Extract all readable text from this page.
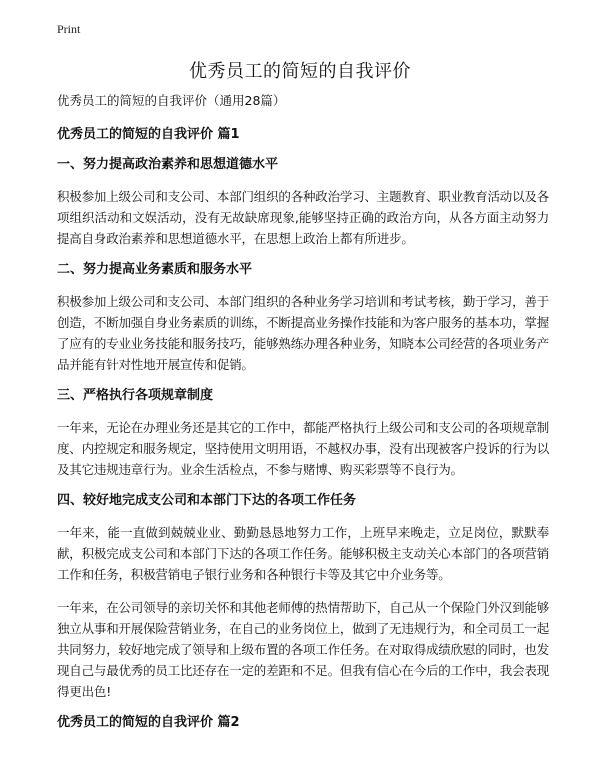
Print
优秀员工的简短的自我评价
优秀员工的简短的自我评价（通用28篇）
优秀员工的简短的自我评价 篇1
一、努力提高政治素养和思想道德水平

积极参加上级公司和支公司、本部门组织的各种政治学习、主题教育、职业教育活动以及各项组织活动和文娱活动，没有无故缺席现象,能够坚持正确的政治方向，从各方面主动努力提高自身政治素养和思想道德水平，在思想上政治上都有所进步。

二、努力提高业务素质和服务水平

积极参加上级公司和支公司、本部门组织的各种业务学习培训和考试考核，勤于学习，善于创造，不断加强自身业务素质的训练，不断提高业务操作技能和为客户服务的基本功，掌握了应有的专业业务技能和服务技巧，能够熟练办理各种业务，知晓本公司经营的各项业务产品并能有针对性地开展宣传和促销。

三、严格执行各项规章制度

一年来，无论在办理业务还是其它的工作中，都能严格执行上级公司和支公司的各项规章制度、内控规定和服务规定，坚持使用文明用语，不越权办事，没有出现被客户投诉的行为以及其它违规违章行为。业余生活检点，不参与赌博、购买彩票等不良行为。

四、较好地完成支公司和本部门下达的各项工作任务

一年来，能一直做到兢兢业业、勤勤恳恳地努力工作，上班早来晚走，立足岗位，默默奉献，积极完成支公司和本部门下达的各项工作任务。能够积极主支动关心本部门的各项营销工作和任务，积极营销电子银行业务和各种银行卡等及其它中介业务等。

一年来，在公司领导的亲切关怀和其他老师傅的热情帮助下，自己从一个保险门外汉到能够独立从事和开展保险营销业务，在自己的业务岗位上，做到了无违规行为，和全司员工一起共同努力，较好地完成了领导和上级布置的各项工作任务。在对取得成绩欣慰的同时，也发现自己与最优秀的员工比还存在一定的差距和不足。但我有信心在今后的工作中，我会表现得更出色!

优秀员工的简短的自我评价 篇2
